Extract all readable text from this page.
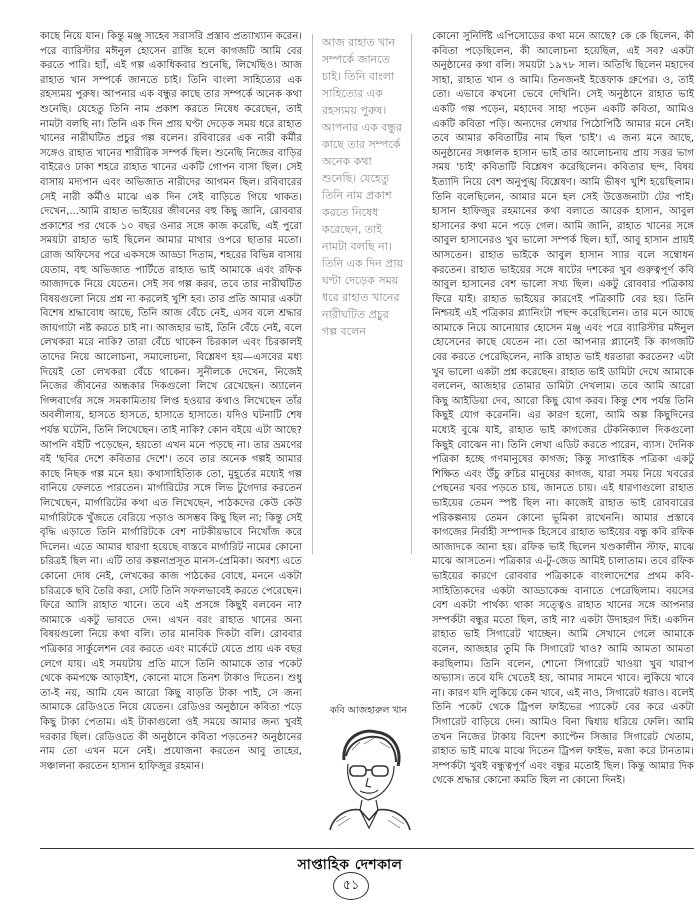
কাছে নিয়ে যান। কিন্তু মঞ্জু সাহেব সরাসরি প্রস্তাব প্রত্যাখ্যান করেন। পরে ব্যারিস্টার মঈনুল হোসেন রাজি হলে কাগজটি আমি বের করতে পারি। হ্যাঁ, এই গল্প একাধিকবার শুনেছি, লিখেছিও। আজ রাহাত খান সম্পর্কে জানতে চাই। তিনি বাংলা সাহিত্যের এক রহস্যময় পুরুষ। আপনার এক বন্ধুর কাছে তার সম্পর্কে অনেক কথা শুনেছি। যেহেতু তিনি নাম প্রকাশ করতে নিষেধ করেছেন, তাই নামটা বলছি না। তিনি এক দিন প্রায় ঘণ্টা দেড়েক সময় ধরে রাহাত খানের নারীঘটিত প্রচুর গল্প বলেন। রবিবারের এক নারী কর্মীর সঙ্গেও রাহাত খানের শারীরিক সম্পর্ক ছিল। শুনেছি নিজের বাড়ির বাইরেও ঢাকা শহরে রাহাত খানের একটি গোপন বাসা ছিল। সেই বাসায় মদ্যপান এবং অভিজাত নারীদের আগমন ছিল। রবিবারের সেই নারী কর্মীও মাঝে এক দিন সেই বাড়িতে গিয়ে থাকত। দেখেন,...আমি রাহাত ভাইয়ের জীবনের বহু কিছু জানি, রোববার প্রকাশের পর থেকে ১০ বছর ওনার সঙ্গে কাজ করেছি, এই পুরো সময়টা রাহাত ভাই ছিলেন আমার মাথার ওপরে ছাতার মতো। রোজ অফিসের পরে একসঙ্গে আড্ডা দিতাম, শহরের বিভিন্ন বাসায় যেতাম, বহু অভিজাত পার্টিতে রাহাত ভাই আমাকে এবং রফিক আজাদকে নিয়ে যেতেন। সেই সব গল্প করব, তবে তার নারীঘটিত বিষয়গুলো নিয়ে প্রশ্ন না করলেই খুশি হব। তার প্রতি আমার একটা বিশেষ শ্রদ্ধাবোধ আছে, তিনি আজ বেঁচে নেই, এসব বলে শ্রদ্ধার জায়গাটা নষ্ট করতে চাই না। আজহার ভাই, তিনি বেঁচে নেই, বলে লেখকরা মরে নাকি? তারা বেঁচে থাকেন চিরকাল এবং চিরকালই তাদের নিয়ে আলোচনা, সমালোচনা, বিশ্লেষণ হয়—এসবের মধ্য দিয়েই তো লেখকরা বেঁচে থাকেন। সুনীলকে দেখেন, নিজেই নিজের জীবনের অন্ধকার দিকগুলো লিখে রেখেছেন। অ্যালেন গিন্সবার্গের সঙ্গে সমকামিতায় লিপ্ত হওয়ার কথাও লিখেছেন তাঁর অবলীলায়, হাসতে হাসতে, হাসাতে হাসাতে। যদিও ঘটনাটি শেষ পর্যন্ত ঘটেনি, তিনি লিখেছেন। তাই নাকি? কোন বইয়ে এটা আছে? আপনি বইটি পড়েছেন, হয়তো এখন মনে পড়ছে না। তার ভ্রমণের বই 'ছবির দেশে কবিতার দেশে'। তবে তার অনেক গল্পই আমার কাছে নিছক গল্প মনে হয়। কথাসাহিত্যিক তো, মুহূর্তের মধ্যেই গল্প বানিয়ে ফেলতে পারতেন। মার্গারিটের সঙ্গে লিভ টুগেদার করতেন লিখেছেন, মার্গারিটের কথা এত লিখেছেন, পাঠকদের কেউ কেউ মার্গারিটকে খুঁজতে বেরিয়ে পড়াও অসম্ভব কিছু ছিল না; কিন্তু সেই বৃদ্ধি এড়াতে তিনি মার্গারিটকে বেশ নাটকীয়ভাবে নিখোঁজ করে দিলেন। এতে আমার ধারণা হয়েছে বাস্তবে মার্গারিট নামের কোনো চরিত্রই ছিল না। এটি তার কল্পনাপ্রসূত মানস-প্রেমিকা। অবশ্য এতে কোনো দোষ নেই, লেখকের কাজ পাঠকের বোধে, মননে একটা চরিত্রকে ছবি তৈরি করা, সেটি তিনি সফলভাবেই করতে পেরেছেন। ফিরে আসি রাহাত খানে। তবে এই প্রসঙ্গে কিছুই বলবেন না? আমাকে একটু ভাবতে দেন। এখন বরং রাহাত খানের অন্য বিষয়গুলো নিয়ে কথা বলি। তার মানবিক দিকটা বলি। রোববার পত্রিকার সার্কুলেশন বের করতে এবং মার্কেটে যেতে প্রায় এক বছর লেগে যায়। এই সময়টায় প্রতি মাসে তিনি আমাকে তার পকেট থেকে কমপক্ষে আড়াইশ, কোনো মাসে তিনশ টাকাও দিতেন। শুধু তা-ই নয়, আমি যেন আরো কিছু বাড়তি টাকা পাই, সে জন্য আমাকে রেডিওতে নিয়ে যেতেন। রেডিওর অনুষ্ঠানে কবিতা পড়ে কিছু টাকা পেতাম। এই টাকাগুলো ওই সময়ে আমার জন্য খুবই দরকার ছিল। রেডিওতে কী অনুষ্ঠানে কবিতা পড়তেন? অনুষ্ঠানের নাম তো এখন মনে নেই। প্রযোজনা করতেন আবু তাহের, সঞ্চালনা করতেন হাসান হাফিজুর রহমান।

আজ রাহাত খান সম্পর্কে জানতে চাই। তিনি বাংলা সাহিত্যের এক রহস্যময় পুরুষ। আপনার এক বন্ধুর কাছে তার সম্পর্কে অনেক কথা শুনেছি। যেহেতু তিনি নাম প্রকাশ করতে নিষেধ করেছেন, তাই নামটা বলছি না। তিনি এক দিন প্রায় ঘণ্টা দেড়েক সময় ধরে রাহাত খানের নারীঘটিত প্রচুর গল্প বলেন

কোনো সুনির্দিষ্ট এপিসোডের কথা মনে আছে? কে কে ছিলেন, কী কবিতা পড়েছিলেন, কী আলোচনা হয়েছিল, এই সব? একটা অনুষ্ঠানের কথা বলি। সময়টা ১৯৭৮ সাল। অতিথি ছিলেন মহাদেব সাহা, রাহাত খান ও আমি। তিনজনই ইত্তেফাক গ্রুপের। ও, তাই তো। এভাবে কখনো ভেবে দেখিনি। সেই অনুষ্ঠানে রাহাত ভাই একটি গল্প পড়েন, মহাদেব সাহা পড়েন একটি কবিতা, আমিও একটি কবিতা পড়ি। অন্যদের লেখার পিঠোপিঠি আমার মনে নেই। তবে আমার কবিতাটির নাম ছিল 'চাই'। এ জন্য মনে আছে, অনুষ্ঠানের সঞ্চালক হাসান ভাই তার আলোচনায় প্রায় সত্তর ভাগ সময় 'চাই' কবিতাটি বিশ্লেষণ করেছিলেন। কবিতার ছন্দ, বিষয় ইত্যাদি নিয়ে বেশ অনুপুঙ্খ বিশ্লেষণ। আমি ভীষণ খুশি হয়েছিলাম। তিনি বলেছিলেন, আমার মনে হল সেই উত্তেজনাটা টের পাই। হাসান হাফিজুর রহমানের কথা বলাতে আরেক হাসান, আবুল হাসানের কথা মনে পড়ে গেল। আমি জানি, রাহাত খানের সঙ্গে আবুল হাসানেরও খুব ভালো সম্পর্ক ছিল। হ্যাঁ, আবু হাসান প্রায়ই আসতেন। রাহাত ভাইকে আবুল হাসান স্যার বলে সম্বোধন করতেন। রাহাত ভাইয়ের সঙ্গে ষাটের দশকের খুব গুরুত্বপূর্ণ কবি আবুল হাসানের বেশ ভালো সখ্য ছিল। একটু রোববার পত্রিকায় ফিরে যাই। রাহাত ভাইয়ের কারণেই পত্রিকাটি বের হয়। তিনি নিশ্চয়ই এই পত্রিকার প্ল্যানিংটা পছন্দ করেছিলেন। তার মনে আছে আমাকে নিয়ে আনোয়ার হোসেন মঞ্জু এবং পরে ব্যারিস্টার মঈনুল হোসেনের কাছে যেতেন না। তো আপনার প্ল্যানেই কি কাগজটি বের করতে পেরেছিলেন, নাকি রাহাত ভাই ধরতারা করতেন? এটা খুব ভালো একটা প্রশ্ন করেছেন। রাহাত ভাই ডামিটা দেখে আমাকে বললেন, আজহার তোমার ডামিটা দেখলাম। তবে আমি আরো কিছু আইডিয়া দেব, আরো কিছু যোগ করব। কিন্তু শেষ পর্যন্ত তিনি কিছুই যোগ করেননি। এর কারণ হলো, আমি অল্প কিছুদিনের মধ্যেই বুঝে যাই, রাহাত ভাই কাগজের টেকনিক্যাল দিকগুলো কিছুই বোঝেন না। তিনি লেখা এডিট করতে পারেন, ব্যাস। দৈনিক পত্রিকা হচ্ছে গণমানুষের কাগজ; কিন্তু সাপ্তাহিক পত্রিকা একটু শিক্ষিত এবং উঁচু রুচির মানুষের কাগজ, যারা সময় নিয়ে খবরের পেছনের খবর পড়তে চায়, জানতে চায়। এই ধারণাগুলো রাহাত ভাইয়ের তেমন স্পষ্ট ছিল না। কাজেই রাহাত ভাই রোববারের পরিকল্পনায় তেমন কোনো ভূমিকা রাখেননি। আমার প্রস্তাবে কাগজের নির্বাহী সম্পাদক হিসেবে রাহাত ভাইয়ের বন্ধু কবি রফিক আজাদকে আনা হয়। রফিক ভাই ছিলেন খণ্ডকালীন স্টাফ, মাঝে মাঝে আসতেন। পত্রিকার এ-টু-জেড আমিই চালাতাম। তবে রফিক ভাইয়ের কারণে রোববার পত্রিকাকে বাংলাদেশের প্রথম কবি-সাহিত্যিকদের একটা আড্ডাকেন্দ্র বানাতে পেরেছিলাম। বয়সের বেশ একটা পার্থক্য থাকা সত্ত্বেও রাহাত খানের সঙ্গে আপনার সম্পর্কটা বন্ধুর মতো ছিল, তাই না? একটা উদাহরণ দিই। একদিন রাহাত ভাই সিগারেট খাচ্ছেন। আমি সেখানে গেলে আমাকে বলেন, আজহার তুমি কি সিগারেট খাও? আমি আমতা আমতা করছিলাম। তিনি বলেন, শোনো সিগারেট খাওয়া খুব খারাপ অভ্যাস। তবে যদি খেতেই হয়, আমার সামনে খাবে। লুকিয়ে খাবে না। কারণ যদি লুকিয়ে কেন খাবে, এই নাও, সিগারেট ধরাও। বলেই তিনি পকেট থেকে ট্রিপল ফাইভের প্যাকেট বের করে একটা সিগারেট বাড়িয়ে দেন। আমিও বিনা দ্বিধায় ধরিয়ে ফেলি। আমি তখন নিজের টাকায় বিদেশ ক্যাপ্টেন সিজার সিগারেট খেতাম, রাহাত ভাই মাঝে মাঝে দিতেন ট্রিপল ফাইভ, মজা করে টানতাম। সম্পর্কটা খুবই বন্ধুত্বপূর্ণ এবং বন্ধুর মতোই ছিল। কিন্তু আমার দিক থেকে শ্রদ্ধার কোনো কমতি ছিল না কোনো দিনই।

কবি আজহারুল খান
সাপ্তাহিক দেশকাল
৫১
